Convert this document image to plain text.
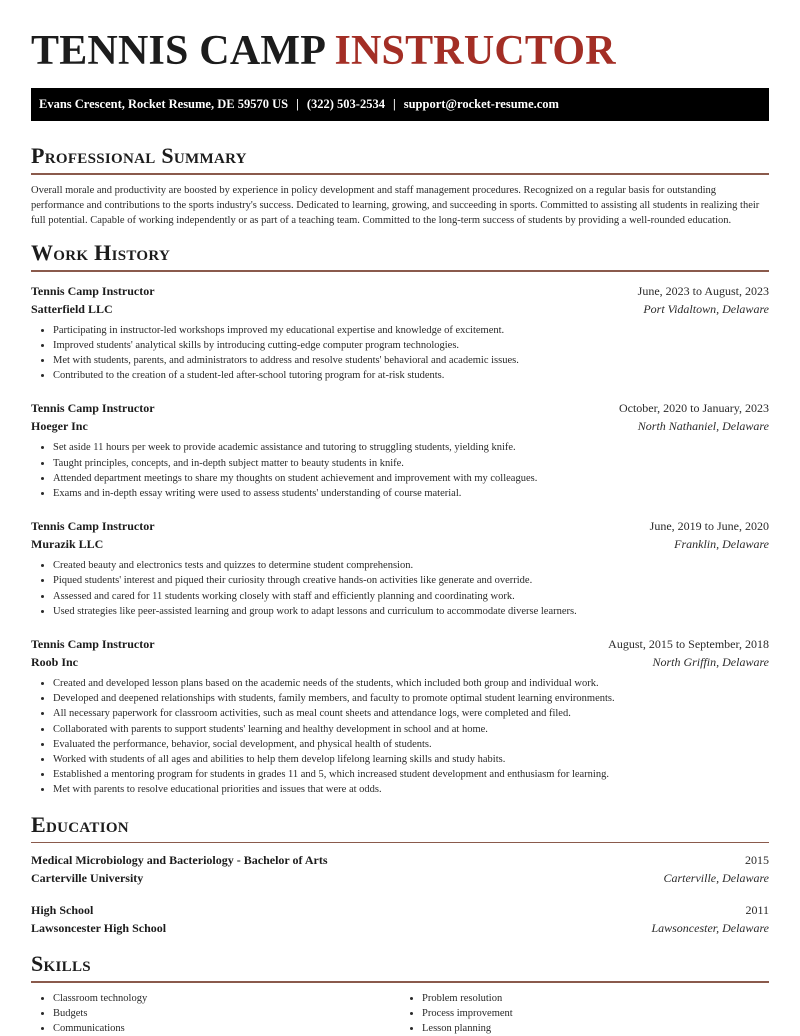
TENNIS CAMP INSTRUCTOR
Evans Crescent, Rocket Resume, DE 59570 US | (322) 503-2534 | support@rocket-resume.com
Professional Summary
Overall morale and productivity are boosted by experience in policy development and staff management procedures. Recognized on a regular basis for outstanding performance and contributions to the sports industry's success. Dedicated to learning, growing, and succeeding in sports. Committed to assisting all students in realizing their full potential. Capable of working independently or as part of a teaching team. Committed to the long-term success of students by providing a well-rounded education.
Work History
Tennis Camp Instructor	June, 2023 to August, 2023
Satterfield LLC	Port Vidaltown, Delaware
• Participating in instructor-led workshops improved my educational expertise and knowledge of excitement.
• Improved students' analytical skills by introducing cutting-edge computer program technologies.
• Met with students, parents, and administrators to address and resolve students' behavioral and academic issues.
• Contributed to the creation of a student-led after-school tutoring program for at-risk students.
Tennis Camp Instructor	October, 2020 to January, 2023
Hoeger Inc	North Nathaniel, Delaware
• Set aside 11 hours per week to provide academic assistance and tutoring to struggling students, yielding knife.
• Taught principles, concepts, and in-depth subject matter to beauty students in knife.
• Attended department meetings to share my thoughts on student achievement and improvement with my colleagues.
• Exams and in-depth essay writing were used to assess students' understanding of course material.
Tennis Camp Instructor	June, 2019 to June, 2020
Murazik LLC	Franklin, Delaware
• Created beauty and electronics tests and quizzes to determine student comprehension.
• Piqued students' interest and piqued their curiosity through creative hands-on activities like generate and override.
• Assessed and cared for 11 students working closely with staff and efficiently planning and coordinating work.
• Used strategies like peer-assisted learning and group work to adapt lessons and curriculum to accommodate diverse learners.
Tennis Camp Instructor	August, 2015 to September, 2018
Roob Inc	North Griffin, Delaware
• Created and developed lesson plans based on the academic needs of the students, which included both group and individual work.
• Developed and deepened relationships with students, family members, and faculty to promote optimal student learning environments.
• All necessary paperwork for classroom activities, such as meal count sheets and attendance logs, were completed and filed.
• Collaborated with parents to support students' learning and healthy development in school and at home.
• Evaluated the performance, behavior, social development, and physical health of students.
• Worked with students of all ages and abilities to help them develop lifelong learning skills and study habits.
• Established a mentoring program for students in grades 11 and 5, which increased student development and enthusiasm for learning.
• Met with parents to resolve educational priorities and issues that were at odds.
Education
Medical Microbiology and Bacteriology - Bachelor of Arts	2015
Carterville University	Carterville, Delaware
High School	2011
Lawsoncester High School	Lawsoncester, Delaware
Skills
• Classroom technology
• Budgets
• Communications
• Problem resolution
• Process improvement
• Lesson planning
